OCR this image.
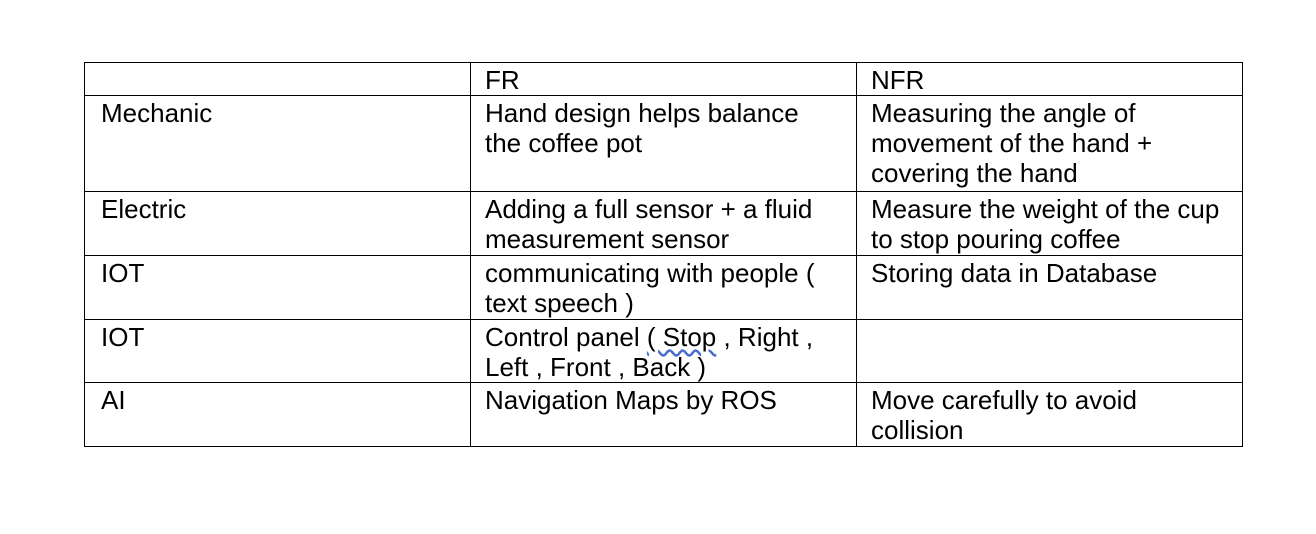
	FR	NFR
Mechanic	Hand design helps balance the coffee pot	Measuring the angle of movement of the hand + covering the hand
Electric	Adding a full sensor + a fluid measurement sensor	Measure the weight of the cup to stop pouring coffee
IOT	communicating with people ( text speech )	Storing data in Database
IOT	Control panel ( Stop , Right , Left , Front , Back )	
AI	Navigation Maps by ROS	Move carefully to avoid collision
